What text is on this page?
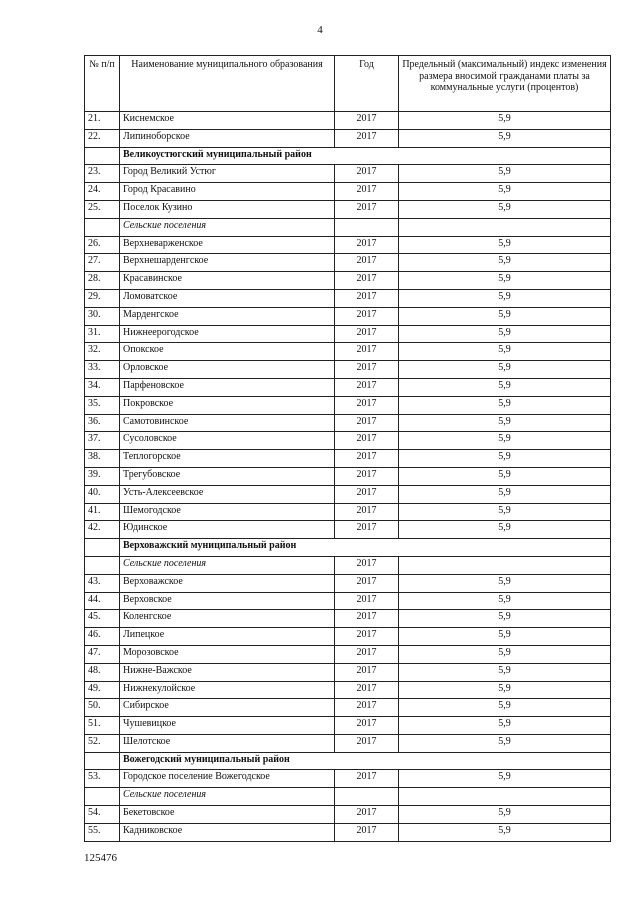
4
№ п/п	Наименование муниципального образования	Год	Предельный (максимальный) индекс изменения размера вносимой гражданами платы за коммунальные услуги (процентов)
21.	Киснемское	2017	5,9
22.	Липиноборское	2017	5,9
	Великоустюгский муниципальный район		
23.	Город Великий Устюг	2017	5,9
24.	Город Красавино	2017	5,9
25.	Поселок Кузино	2017	5,9
	Сельские поселения		
26.	Верхневарженское	2017	5,9
27.	Верхнешарденгское	2017	5,9
28.	Красавинское	2017	5,9
29.	Ломоватское	2017	5,9
30.	Марденгское	2017	5,9
31.	Нижнеерогодское	2017	5,9
32.	Опокское	2017	5,9
33.	Орловское	2017	5,9
34.	Парфеновское	2017	5,9
35.	Покровское	2017	5,9
36.	Самотовинское	2017	5,9
37.	Сусоловское	2017	5,9
38.	Теплогорское	2017	5,9
39.	Трегубовское	2017	5,9
40.	Усть-Алексеевское	2017	5,9
41.	Шемогодское	2017	5,9
42.	Юдинское	2017	5,9
	Верховажский муниципальный район		
	Сельские поселения	2017	
43.	Верховажское	2017	5,9
44.	Верховское	2017	5,9
45.	Коленгское	2017	5,9
46.	Липецкое	2017	5,9
47.	Морозовское	2017	5,9
48.	Нижне-Важское	2017	5,9
49.	Нижнекулойское	2017	5,9
50.	Сибирское	2017	5,9
51.	Чушевицкое	2017	5,9
52.	Шелотское	2017	5,9
	Вожегодский муниципальный район		
53.	Городское поселение Вожегодское	2017	5,9
	Сельские поселения		
54.	Бекетовское	2017	5,9
55.	Кадниковское	2017	5,9
125476
